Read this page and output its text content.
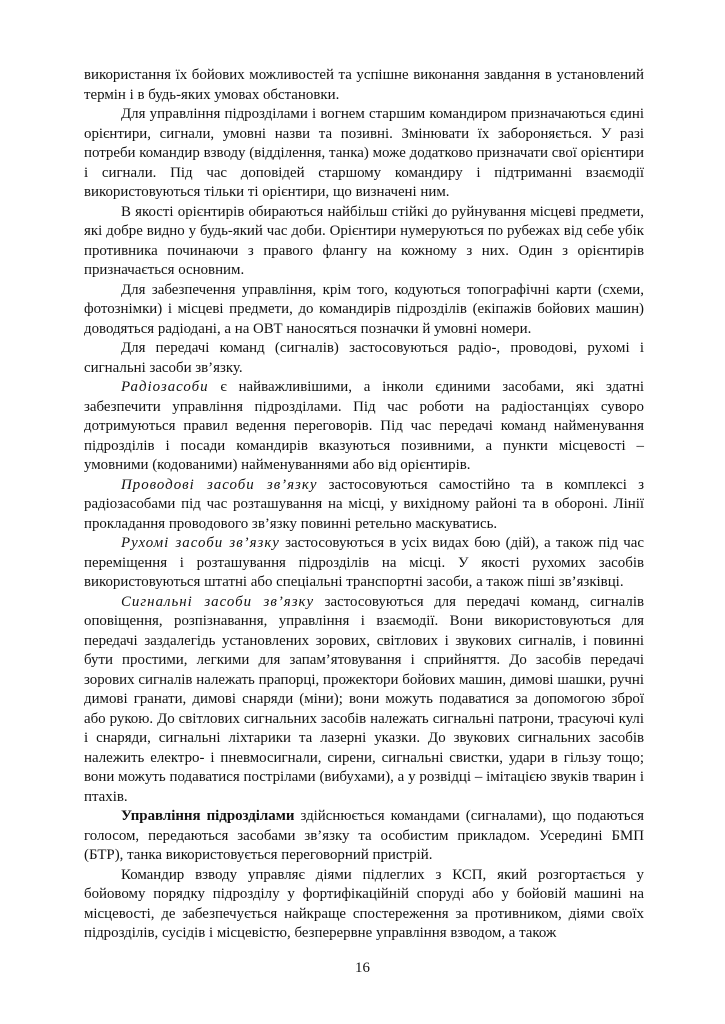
використання їх бойових можливостей та успішне виконання завдання в установлений термін і в будь-яких умовах обстановки.

Для управління підрозділами і вогнем старшим командиром призначаються єдині орієнтири, сигнали, умовні назви та позивні. Змінювати їх забороняється. У разі потреби командир взводу (відділення, танка) може додатково призначати свої орієнтири і сигнали. Під час доповідей старшому командиру і підтриманні взаємодії використовуються тільки ті орієнтири, що визначені ним.

В якості орієнтирів обираються найбільш стійкі до руйнування місцеві предмети, які добре видно у будь-який час доби. Орієнтири нумеруються по рубежах від себе убік противника починаючи з правого флангу на кожному з них. Один з орієнтирів призначається основним.

Для забезпечення управління, крім того, кодуються топографічні карти (схеми, фотознімки) і місцеві предмети, до командирів підрозділів (екіпажів бойових машин) доводяться радіодані, а на ОВТ наносяться позначки й умовні номери.

Для передачі команд (сигналів) застосовуються радіо-, проводові, рухомі і сигнальні засоби зв’язку.

Радіозасоби є найважливішими, а інколи єдиними засобами, які здатні забезпечити управління підрозділами. Під час роботи на радіостанціях суворо дотримуються правил ведення переговорів. Під час передачі команд найменування підрозділів і посади командирів вказуються позивними, а пункти місцевості – умовними (кодованими) найменуваннями або від орієнтирів.

Проводові засоби зв’язку застосовуються самостійно та в комплексі з радіозасобами під час розташування на місці, у вихідному районі та в обороні. Лінії прокладання проводового зв’язку повинні ретельно маскуватись.

Рухомі засоби зв’язку застосовуються в усіх видах бою (дій), а також під час переміщення і розташування підрозділів на місці. У якості рухомих засобів використовуються штатні або спеціальні транспортні засоби, а також піші зв’язківці.

Сигнальні засоби зв’язку застосовуються для передачі команд, сигналів оповіщення, розпізнавання, управління і взаємодії. Вони використовуються для передачі заздалегідь установлених зорових, світлових і звукових сигналів, і повинні бути простими, легкими для запам’ятовування і сприйняття. До засобів передачі зорових сигналів належать прапорці, прожектори бойових машин, димові шашки, ручні димові гранати, димові снаряди (міни); вони можуть подаватися за допомогою зброї або рукою. До світлових сигнальних засобів належать сигнальні патрони, трасуючі кулі і снаряди, сигнальні ліхтарики та лазерні указки. До звукових сигнальних засобів належить електро- і пневмосигнали, сирени, сигнальні свистки, удари в гільзу тощо; вони можуть подаватися пострілами (вибухами), а у розвідці – імітацією звуків тварин і птахів.

Управління підрозділами здійснюється командами (сигналами), що подаються голосом, передаються засобами зв’язку та особистим прикладом. Усередині БМП (БТР), танка використовується переговорний пристрій.

Командир взводу управляє діями підлеглих з КСП, який розгортається у бойовому порядку підрозділу у фортифікаційній споруді або у бойовій машині на місцевості, де забезпечується найкраще спостереження за противником, діями своїх підрозділів, сусідів і місцевістю, безперервне управління взводом, а також

16
